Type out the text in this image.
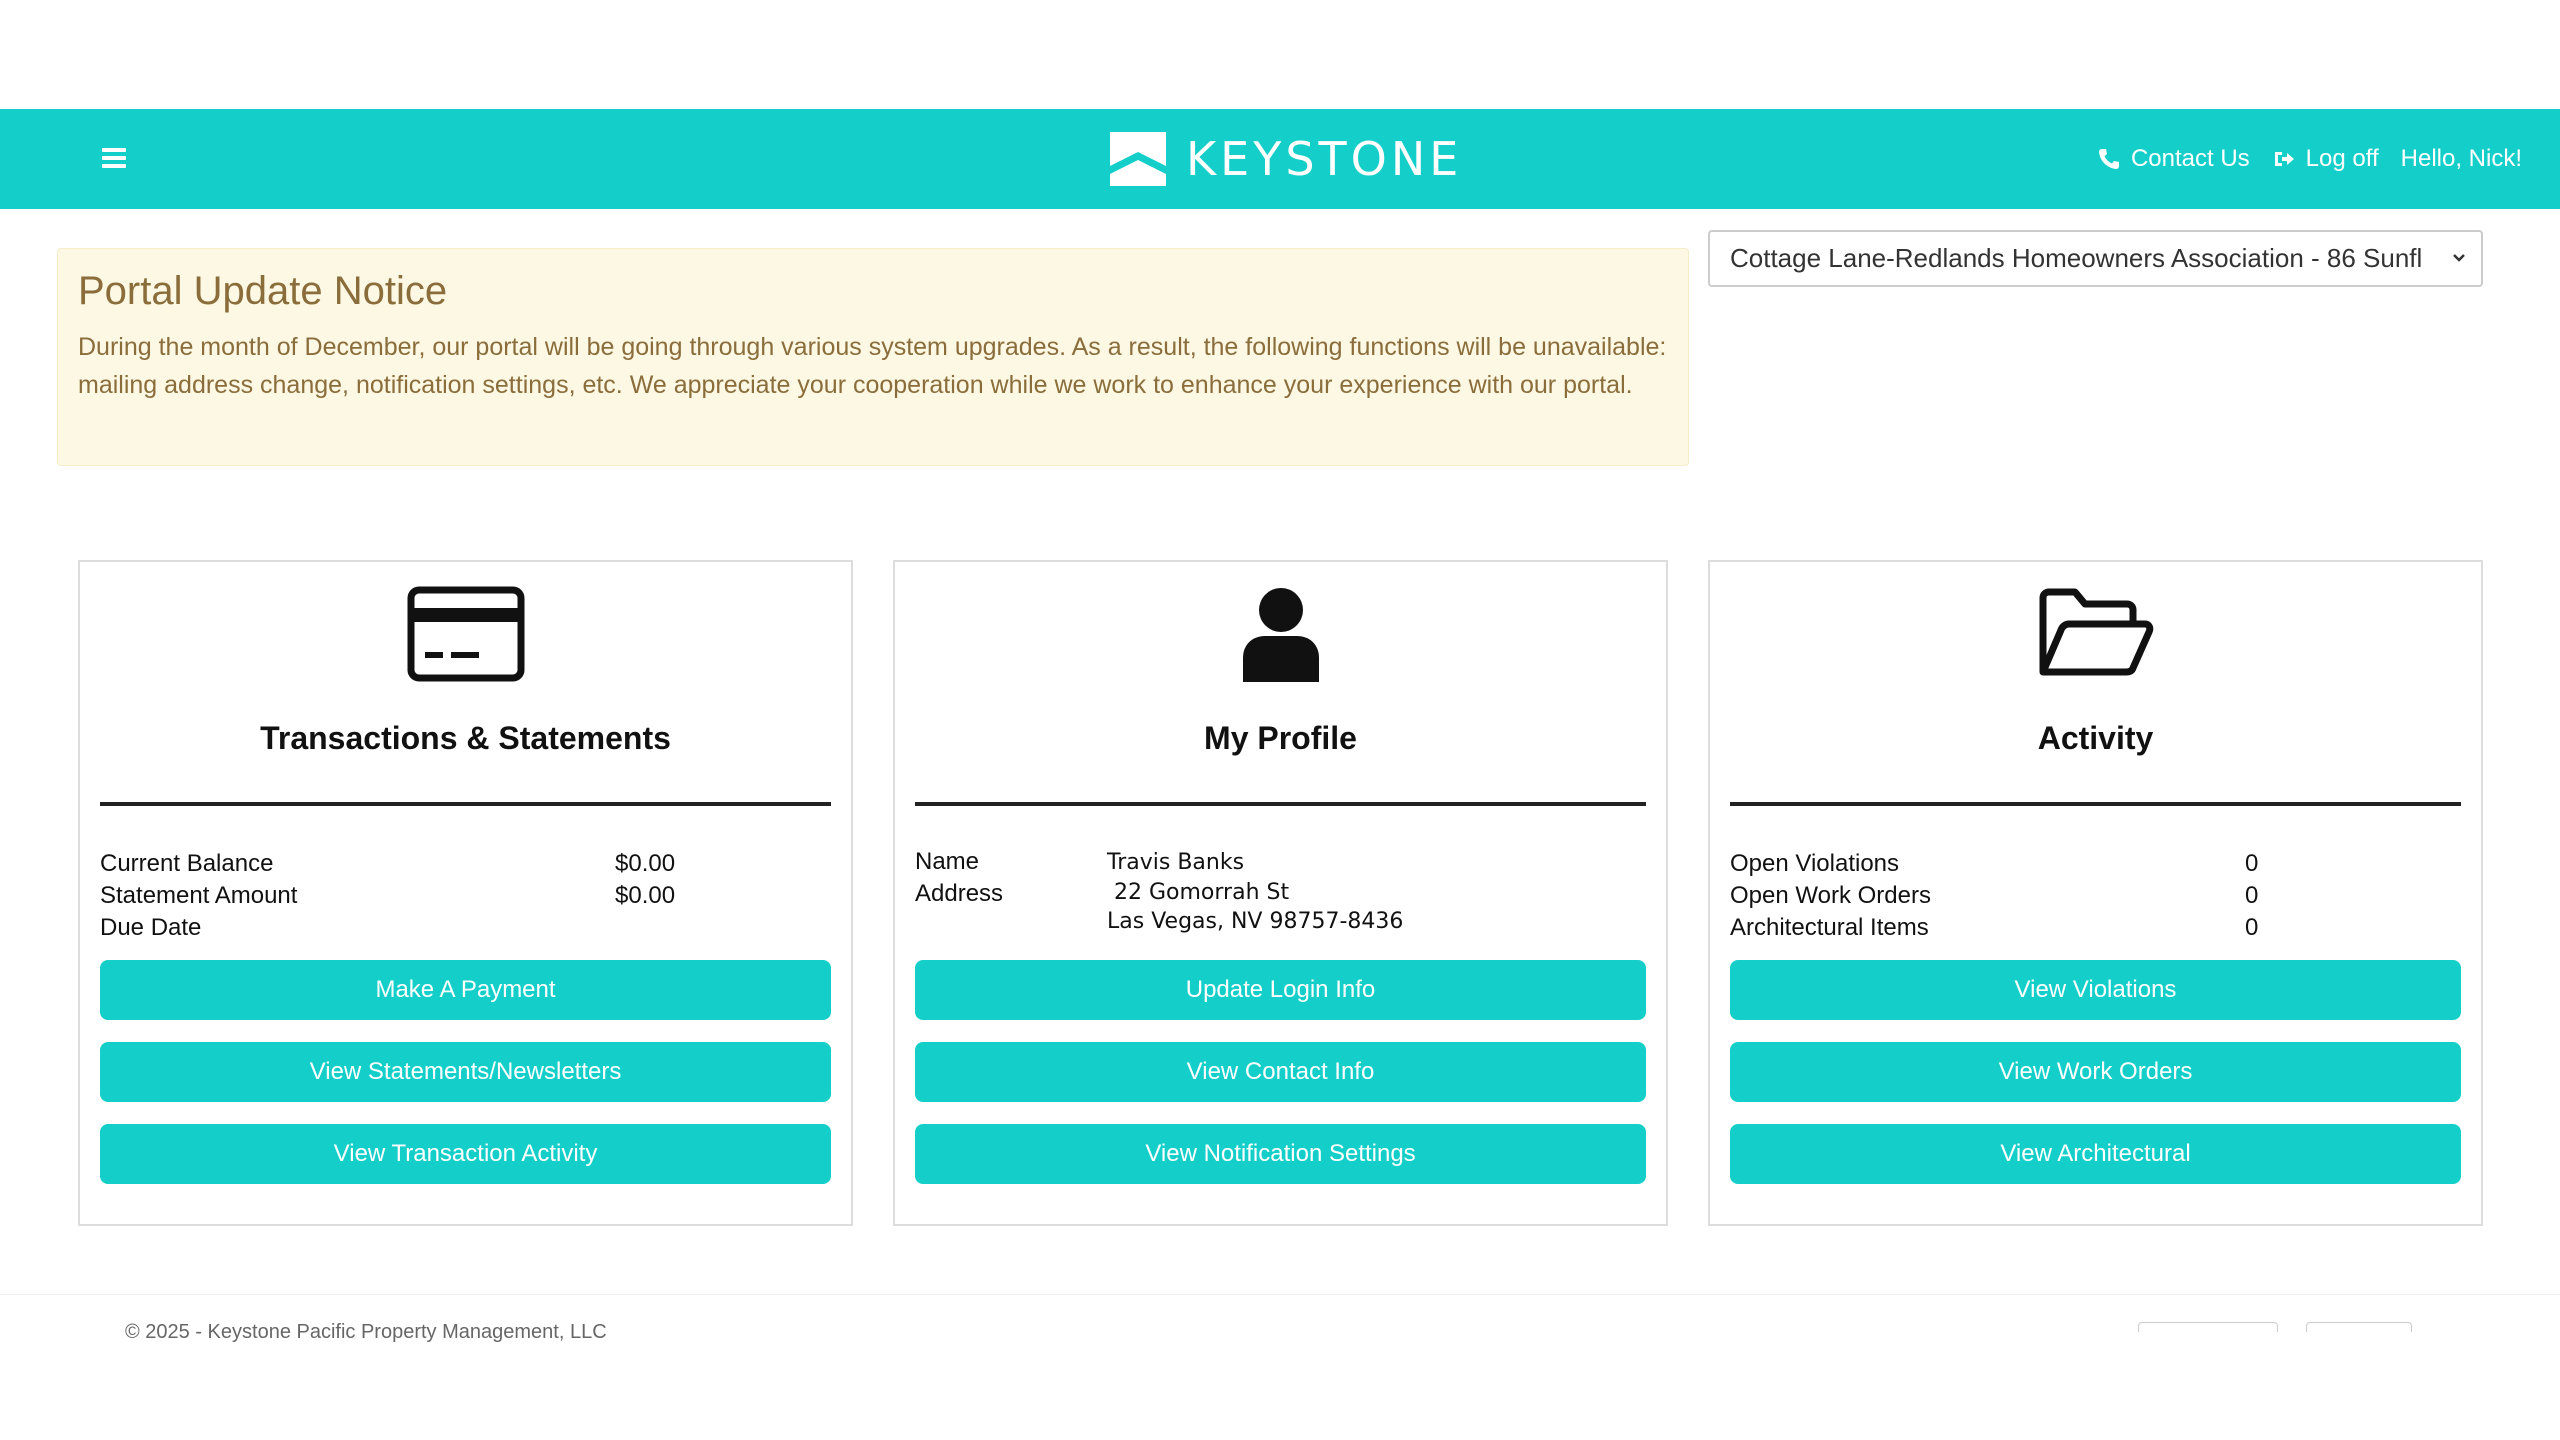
KEYSTONE	Contact Us Log off Hello, Nick!
Portal Update Notice
During the month of December, our portal will be going through various system upgrades. As a result, the following functions will be unavailable: mailing address change, notification settings, etc. We appreciate your cooperation while we work to enhance your experience with our portal.
Cottage Lane-Redlands Homeowners Association - 86 Sunfl
Transactions & Statements
Current Balance	$0.00
Statement Amount	$0.00
Due Date
Make A Payment
View Statements/Newsletters
View Transaction Activity
My Profile
Name	Travis Banks
Address	22 Gomorrah St
Las Vegas, NV 98757-8436
Update Login Info
View Contact Info
View Notification Settings
Activity
Open Violations	0
Open Work Orders	0
Architectural Items	0
View Violations
View Work Orders
View Architectural
© 2025 - Keystone Pacific Property Management, LLC
